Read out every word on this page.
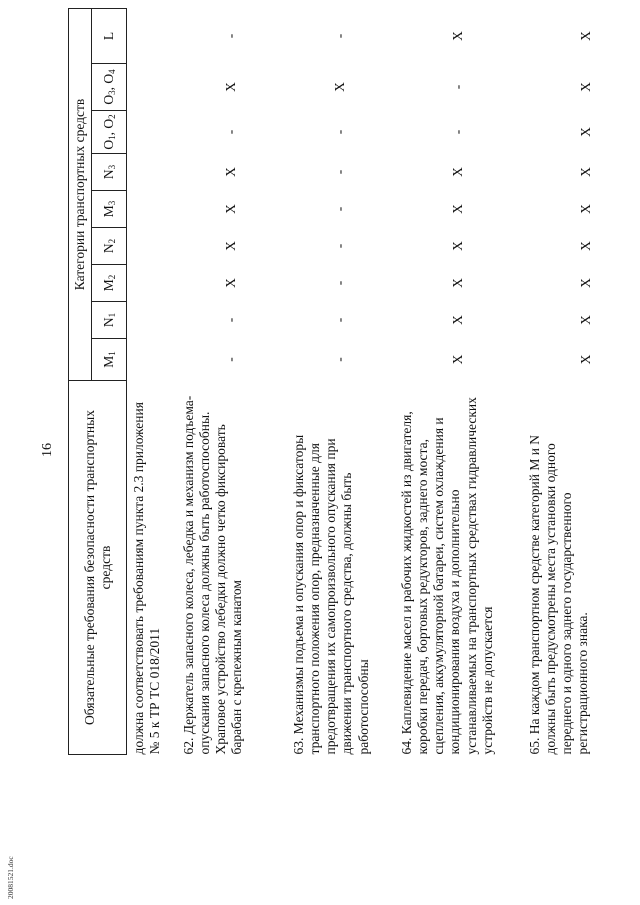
16 Обязательные требования безопасности транспортных средств	Категории транспортных средств								
	$M_1$	$N_1$	$M_2$	$N_2$	$M_3$	$N_3$	$O_1$, $O_2$	$O_3$, $O_4$	L
должна соответствовать требованиям пункта 2.3 приложения № 5 к ТР ТС 018/2011									
62. Держатель запасного колеса, лебедка и механизм подъема-опускания запасного колеса должны быть работоспособны. Храповое устройство лебедки должно четко фиксировать барабан с крепежным канатом	-	-	X	X	X	X	-	X	-
63. Механизмы подъема и опускания опор и фиксаторы транспортного положения опор, предназначенные для предотвращения их самопроизвольного опускания при движении транспортного средства, должны быть работоспособны	-	-	-	-	-	-	-	X	-
64. Каплевидение масел и рабочих жидкостей из двигателя, коробки передач, бортовых редукторов, заднего моста, сцепления, аккумуляторной батареи, систем охлаждения и кондиционирования воздуха и дополнительно устанавливаемых на транспортных средствах гидравлических устройств не допускается	X	X	X	X	X	X	-	-	X
65. На каждом транспортном средстве категорий M и N должны быть предусмотрены места установки одного переднего и одного заднего государственного регистрационного знака.	X	X	X	X	X	X	X	X	X
20081521.doc
